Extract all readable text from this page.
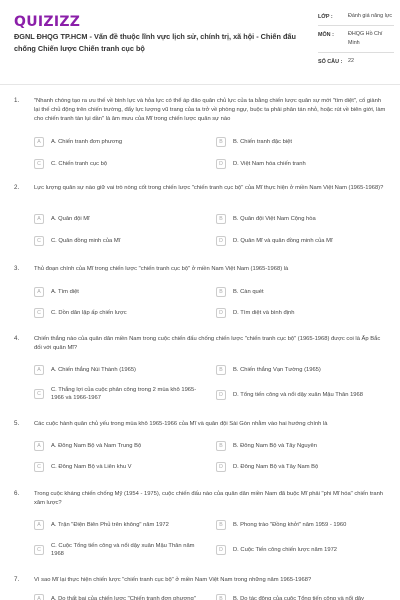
QUIZIZZ
ĐGNL ĐHQG TP.HCM - Vấn đề thuộc lĩnh vực lịch sử, chính trị, xã hội - Chiến đấu chống Chiến lược Chiến tranh cục bộ
LỚP :	Đánh giá năng lực
MÔN :	ĐHQG Hồ Chí Minh
SỐ CÂU :	22
1.	"Nhanh chóng tạo ra ưu thế về binh lực và hỏa lực có thể áp đảo quân chủ lực của ta bằng chiến lược quân sự mới "tìm diệt", cố giành lại thế chủ động trên chiến trường, đẩy lực lượng vũ trang của ta trở về phòng ngự, buộc ta phải phân tán nhỏ, hoặc rút về biên giới, làm cho chiến tranh tàn lụi dần" là âm mưu của Mĩ trong chiến lược quân sự nào
A	A. Chiến tranh đơn phương	B	B. Chiến tranh đặc biệt
C	C. Chiến tranh cục bộ	D	D. Việt Nam hóa chiến tranh
2.	Lực lượng quân sự nào giữ vai trò nòng cốt trong chiến lược "chiến tranh cục bộ" của Mĩ thực hiện ở miền Nam Việt Nam (1965-1968)?
A	A. Quân đội Mĩ	B	B. Quân đội Việt Nam Cộng hòa
C	C. Quân đồng minh của Mĩ	D	D. Quân Mĩ và quân đồng minh của Mĩ
3.	Thủ đoạn chính của Mĩ trong chiến lược "chiến tranh cục bộ" ở miền Nam Việt Nam (1965-1968) là
A	A. Tìm diệt	B	B. Càn quét
C	C. Dồn dân lập ấp chiến lược	D	D. Tìm diệt và bình định
4.	Chiến thắng nào của quân dân miền Nam trong cuộc chiến đấu chống chiến lược "chiến tranh cục bộ" (1965-1968) được coi là Ấp Bắc đối với quân Mĩ?
A	A. Chiến thắng Núi Thành (1965)	B	B. Chiến thắng Vạn Tường (1965)
C
C. Thắng lợi của cuộc phản công trong 2 mùa khô 1965-1966 và 1966-1967	D	D. Tổng tiến công và nổi dậy xuân Mậu Thân 1968
5.	Các cuộc hành quân chủ yếu trong mùa khô 1965-1966 của Mĩ và quân đội Sài Gòn nhằm vào hai hướng chính là
A	A. Đông Nam Bộ và Nam Trung Bộ	B	B. Đông Nam Bộ và Tây Nguyên
C	C. Đông Nam Bộ và Liên khu V	D	D. Đông Nam Bộ và Tây Nam Bộ
6.	Trong cuộc kháng chiến chống Mỹ (1954 - 1975), cuộc chiến đấu nào của quân dân miền Nam đã buộc Mĩ phải "phi Mĩ hóa" chiến tranh xâm lược?
A	A. Trận "Điện Biên Phủ trên không" năm 1972	B	B. Phong trào "Đồng khởi" năm 1959 - 1960
C
C. Cuộc Tổng tiến công và nổi dậy xuân Mậu Thân năm 1968
D	D. Cuộc Tiến công chiến lược năm 1972
7.	Vì sao Mĩ lại thực hiện chiến lược "chiến tranh cục bộ" ở miền Nam Việt Nam trong những năm 1965-1968?
A	A. Do thất bại của chiến lược "Chiến tranh đơn phương"	B	B. Do tác động của cuộc Tổng tiến công và nổi dậy
